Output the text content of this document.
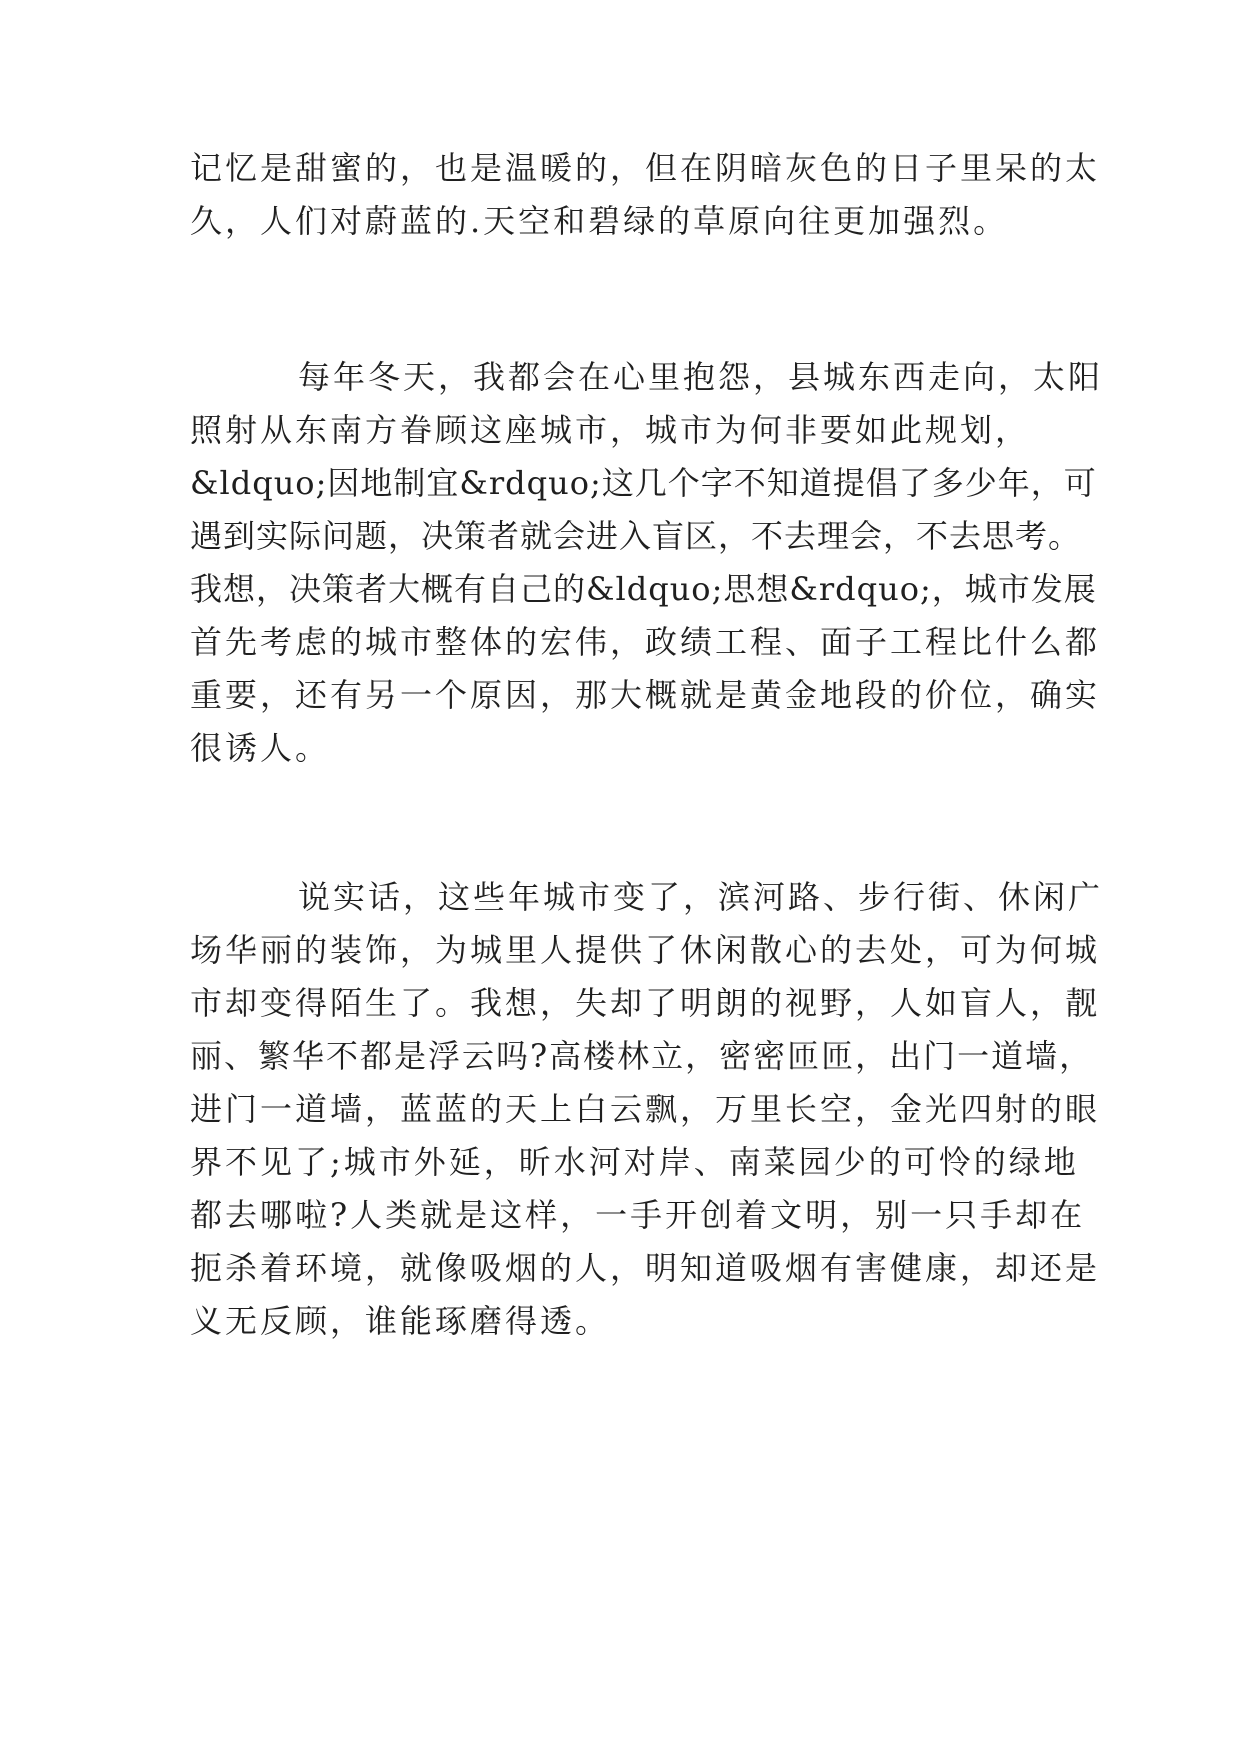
记忆是甜蜜的，也是温暖的，但在阴暗灰色的日子里呆的太
久，人们对蔚蓝的.天空和碧绿的草原向往更加强烈。
每年冬天，我都会在心里抱怨，县城东西走向，太阳
照射从东南方眷顾这座城市，城市为何非要如此规划，
&ldquo;因地制宜&rdquo;这几个字不知道提倡了多少年，可
遇到实际问题，决策者就会进入盲区，不去理会，不去思考。
我想，决策者大概有自己的&ldquo;思想&rdquo;，城市发展
首先考虑的城市整体的宏伟，政绩工程、面子工程比什么都
重要，还有另一个原因，那大概就是黄金地段的价位，确实
很诱人。
说实话，这些年城市变了，滨河路、步行街、休闲广
场华丽的装饰，为城里人提供了休闲散心的去处，可为何城
市却变得陌生了。我想，失却了明朗的视野，人如盲人，靓
丽、繁华不都是浮云吗?高楼林立，密密匝匝，出门一道墙，
进门一道墙，蓝蓝的天上白云飘，万里长空，金光四射的眼
界不见了;城市外延，昕水河对岸、南菜园少的可怜的绿地
都去哪啦?人类就是这样，一手开创着文明，别一只手却在
扼杀着环境，就像吸烟的人，明知道吸烟有害健康，却还是
义无反顾，谁能琢磨得透。
